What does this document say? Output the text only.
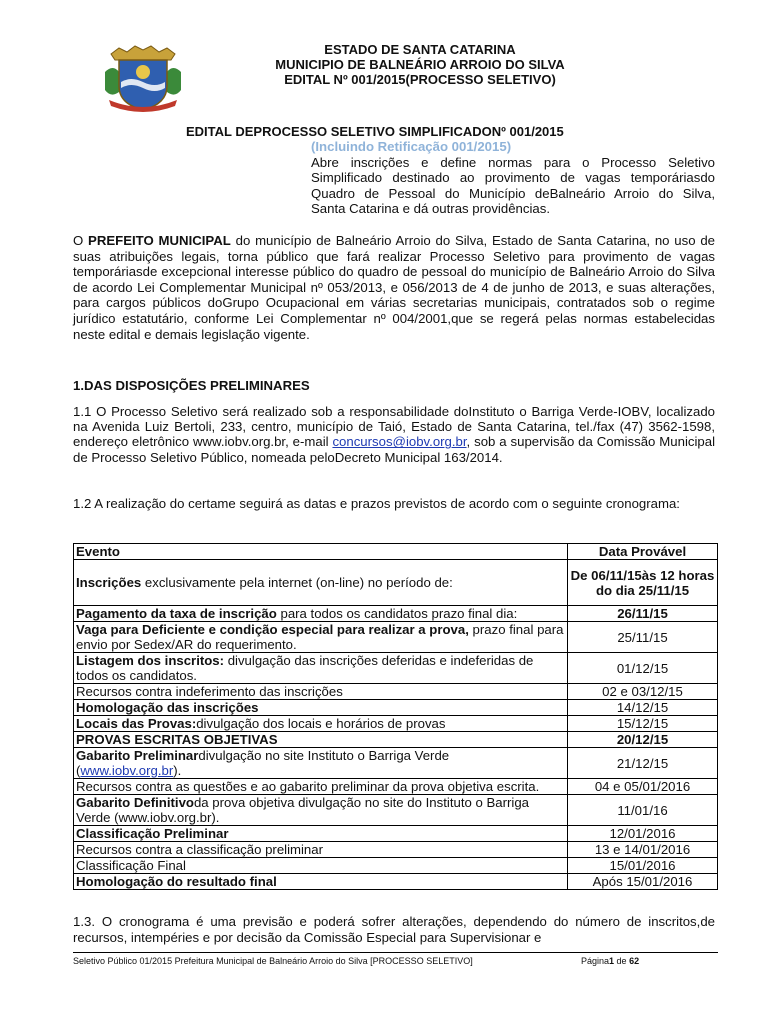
ESTADO DE SANTA CATARINA
MUNICIPIO DE BALNEÁRIO ARROIO DO SILVA
EDITAL Nº 001/2015(PROCESSO SELETIVO)
EDITAL DEPROCESSO SELETIVO SIMPLIFICADONº 001/2015
(Incluindo Retificação 001/2015)
Abre inscrições e define normas para o Processo Seletivo
Simplificado destinado ao provimento de vagas temporáriasdo
Quadro de Pessoal do Município deBalneário Arroio do Silva,
Santa Catarina e dá outras providências.
O PREFEITO MUNICIPAL do município de Balneário Arroio do Silva, Estado de Santa Catarina, no uso de suas atribuições legais, torna público que fará realizar Processo Seletivo para provimento de vagas temporáriasde excepcional interesse público do quadro de pessoal do município de Balneário Arroio do Silva de acordo Lei Complementar Municipal nº 053/2013, e 056/2013 de 4 de junho de 2013, e suas alterações, para cargos públicos doGrupo Ocupacional em várias secretarias municipais, contratados sob o regime jurídico estatutário, conforme Lei Complementar nº 004/2001,que se regerá pelas normas estabelecidas neste edital e demais legislação vigente.
1.DAS DISPOSIÇÕES PRELIMINARES
1.1 O Processo Seletivo será realizado sob a responsabilidade doInstituto o Barriga Verde-IOBV, localizado na Avenida Luiz Bertoli, 233, centro, município de Taió, Estado de Santa Catarina, tel./fax (47) 3562-1598, endereço eletrônico www.iobv.org.br, e-mail concursos@iobv.org.br, sob a supervisão da Comissão Municipal de Processo Seletivo Público, nomeada peloDecreto Municipal 163/2014.
1.2 A realização do certame seguirá as datas e prazos previstos de acordo com o seguinte cronograma:
Evento	Data Provável
Inscrições exclusivamente pela internet (on-line) no período de:	De 06/11/15às 12 horas do dia 25/11/15
Pagamento da taxa de inscrição para todos os candidatos prazo final dia:	26/11/15
Vaga para Deficiente e condição especial para realizar a prova, prazo final para envio por Sedex/AR do requerimento.	25/11/15
Listagem dos inscritos: divulgação das inscrições deferidas e indeferidas de todos os candidatos.	01/12/15
Recursos contra indeferimento das inscrições	02 e 03/12/15
Homologação das inscrições	14/12/15
Locais das Provas:divulgação dos locais e horários de provas	15/12/15
PROVAS ESCRITAS OBJETIVAS	20/12/15
Gabarito Preliminardivulgação no site Instituto o Barriga Verde
(www.iobv.org.br).	21/12/15
Recursos contra as questões e ao gabarito preliminar da prova objetiva escrita.	04 e 05/01/2016
Gabarito Definitivoda prova objetiva divulgação no site do Instituto o Barriga Verde (www.iobv.org.br).	11/01/16
Classificação Preliminar	12/01/2016
Recursos contra a classificação preliminar	13 e 14/01/2016
Classificação Final	15/01/2016
Homologação do resultado final	Após 15/01/2016
1.3. O cronograma é uma previsão e poderá sofrer alterações, dependendo do número de inscritos,de recursos, intempéries e por decisão da Comissão Especial para Supervisionar e
Seletivo Público 01/2015 Prefeitura Municipal de Balneário Arroio do Silva [PROCESSO SELETIVO]	Página1 de 62
